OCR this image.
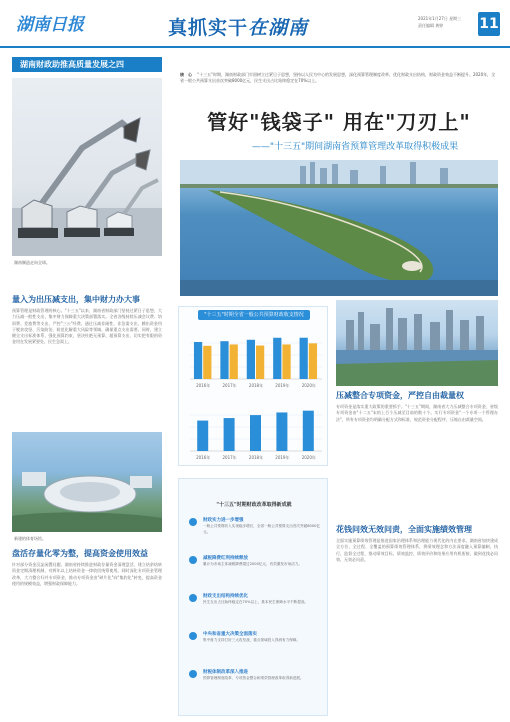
湖南日报	真抓实干在湖南	2021年1月27日 星期三
责任编辑 黄婷	11
湖南财政助推高质量发展之四
湖南制造走向全球。
核　心 "十三五"时期，湖南财政部门牢固树立过紧日子思想，坚持以人民为中心的发展思想，深化预算管理制度改革，优化财政支出结构，财政资金效益不断提升。2020年，全省一般公共预算支出首次突破8000亿元，民生支出占比始终稳定在70%以上。
管好"钱袋子" 用在"刀刃上"
——"十三五"期间湖南省预算管理改革取得积极成果
量入为出压减支出，集中财力办大事
预算管理是财政管理的核心。"十三五"以来，湖南省财政部门坚持过紧日子思想，大力压减一般性支出，集中财力保障重大决策部署落实。全省各级持续压减会议费、培训费、差旅费等支出，严控"三公"经费。通过压减非刚性、非急需支出，腾出资金用于脱贫攻坚、污染防治、防范化解重大风险等领域，确保重点支出需要。同时，建立健全支出标准体系，强化预算约束，坚决杜绝无预算、超预算支出，切实把有限的资金用在发展紧要处、民生急需上。
新建的体育场馆。
盘活存量化零为整，提高资金使用效益
针对部分资金沉淀闲置问题，湖南省持续推进财政存量资金清理盘活，建立结余结转资金定期清理机制，对两年以上结转资金一律收回统筹使用。同时深化专项资金管理改革，大力整合归并专项资金，推动专项资金由"碎片化"向"集约化"转变，提高资金使用的规模效益，增强财政保障能力。
"十三五"时期全省一般公共预算财政收支情况
2016年	2017年	2018年	2019年	2020年
2016年	2017年	2018年	2019年	2020年
"十三五"时期财政改革取得新成就
财政实力进一步增强
一般公共预算收入实现稳步增长，全省一般公共预算支出首次突破8000亿元。
减税降费红利持续释放
累计为市场主体减税降费超过2000亿元，有效激发市场活力。
财政支出结构持续优化
民生支出占比始终稳定在70%以上，基本民生保障水平不断提高。
中央和省重大决策全面落实
集中财力支持打好三大攻坚战，重点领域投入得到有力保障。
财税体制改革深入推进
预算管理制度改革、专项资金整合和绩效管理改革取得新进展。
压减整合专项资金，严控自由裁量权
专项资金是落实重大政策的重要抓手。"十三五"期间，湖南省大力压减整合专项资金，省级专项资金由"十二五"末的上百个压减至目前的数十个。实行专项资金"一个专项一个管理办法"，所有专项资金均明确分配方式和标准，规范资金分配程序，压缩自由裁量空间。
花钱问效无效问责，全面实施绩效管理
全面实施预算绩效管理是推进国家治理体系和治理能力现代化的内在要求。湖南省加快建成全方位、全过程、全覆盖的预算绩效管理体系，将绩效理念和方法深度融入预算编制、执行、监督全过程，推动绩效目标、绩效监控、绩效评价和结果应用有机衔接，做到花钱必问效、无效必问责。
